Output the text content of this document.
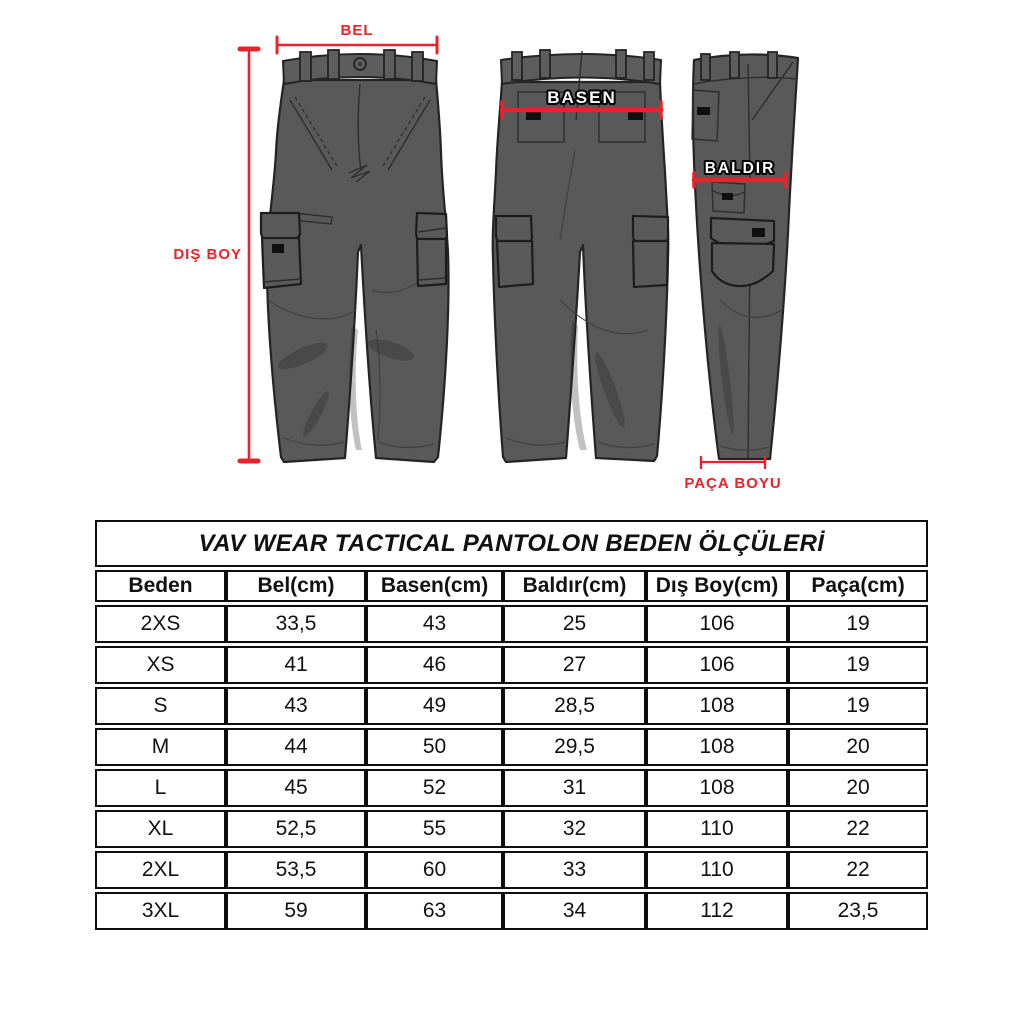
BEL
DIŞ BOY
BASEN
BALDIR
PAÇA BOYU
VAV WEAR TACTICAL PANTOLON BEDEN ÖLÇÜLERİ					
Beden	Bel(cm)	Basen(cm)	Baldır(cm)	Dış Boy(cm)	Paça(cm)
2XS	33,5	43	25	106	19
XS	41	46	27	106	19
S	43	49	28,5	108	19
M	44	50	29,5	108	20
L	45	52	31	108	20
XL	52,5	55	32	110	22
2XL	53,5	60	33	110	22
3XL	59	63	34	112	23,5
